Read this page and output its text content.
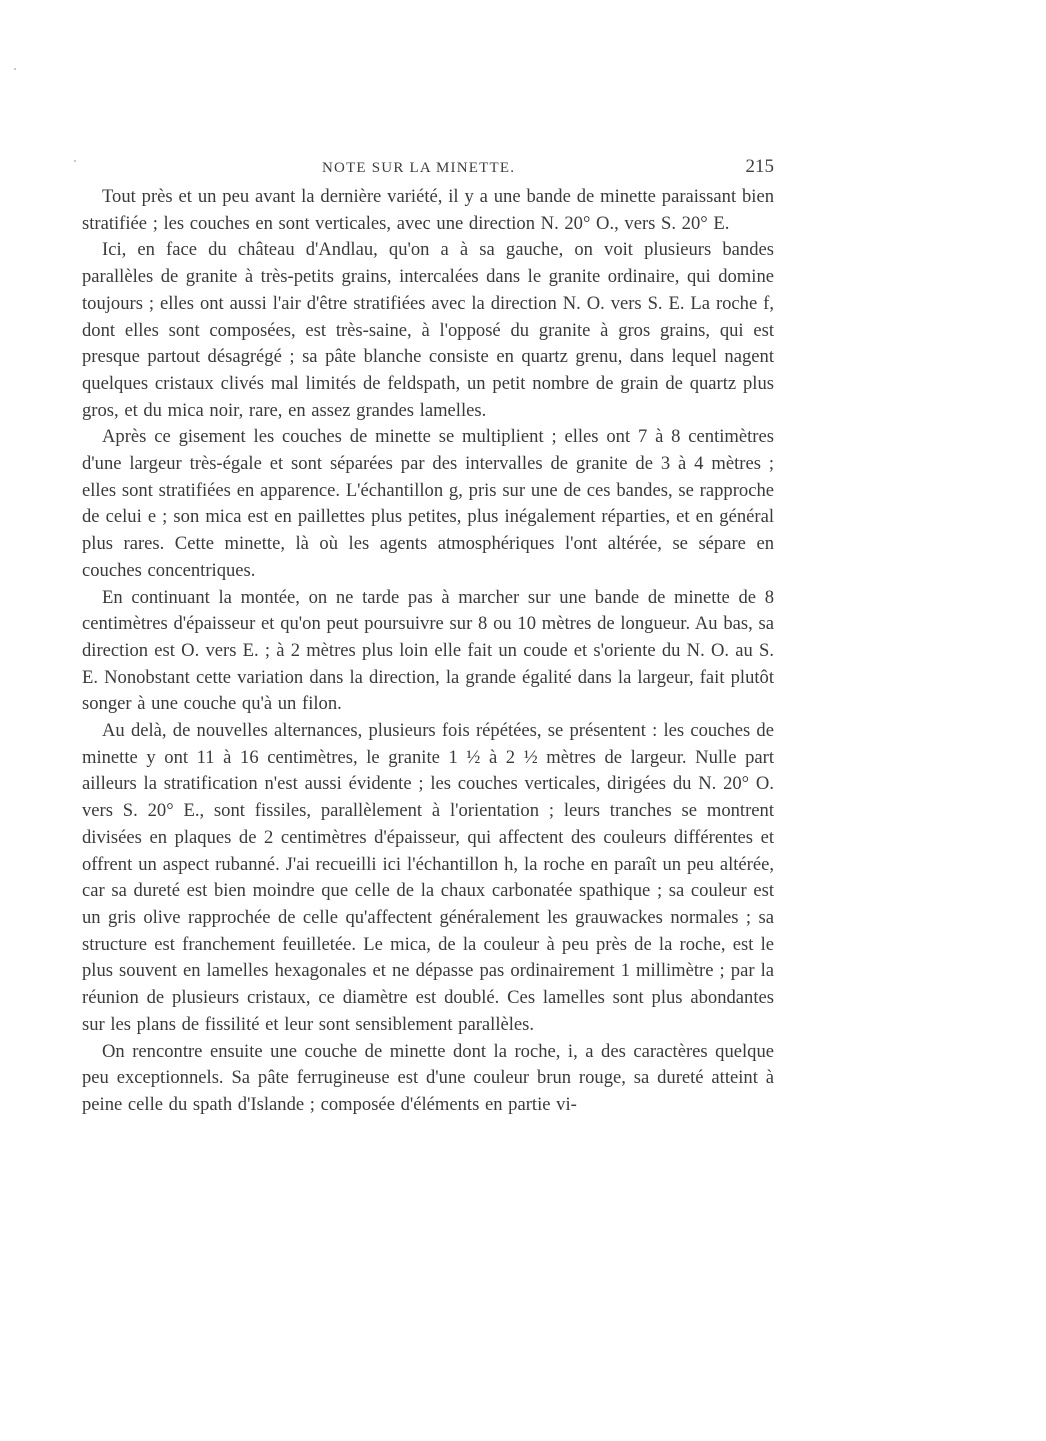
NOTE SUR LA MINETTE.	215

Tout près et un peu avant la dernière variété, il y a une bande de minette paraissant bien stratifiée ; les couches en sont verticales, avec une direction N. 20° O., vers S. 20° E.

Ici, en face du château d'Andlau, qu'on a à sa gauche, on voit plusieurs bandes parallèles de granite à très-petits grains, intercalées dans le granite ordinaire, qui domine toujours ; elles ont aussi l'air d'être stratifiées avec la direction N. O. vers S. E. La roche f, dont elles sont composées, est très-saine, à l'opposé du granite à gros grains, qui est presque partout désagrégé ; sa pâte blanche consiste en quartz grenu, dans lequel nagent quelques cristaux clivés mal limités de feldspath, un petit nombre de grain de quartz plus gros, et du mica noir, rare, en assez grandes lamelles.

Après ce gisement les couches de minette se multiplient ; elles ont 7 à 8 centimètres d'une largeur très-égale et sont séparées par des intervalles de granite de 3 à 4 mètres ; elles sont stratifiées en apparence. L'échantillon g, pris sur une de ces bandes, se rapproche de celui e ; son mica est en paillettes plus petites, plus inégalement réparties, et en général plus rares. Cette minette, là où les agents atmosphériques l'ont altérée, se sépare en couches concentriques.

En continuant la montée, on ne tarde pas à marcher sur une bande de minette de 8 centimètres d'épaisseur et qu'on peut poursuivre sur 8 ou 10 mètres de longueur. Au bas, sa direction est O. vers E. ; à 2 mètres plus loin elle fait un coude et s'oriente du N. O. au S. E. Nonobstant cette variation dans la direction, la grande égalité dans la largeur, fait plutôt songer à une couche qu'à un filon.

Au delà, de nouvelles alternances, plusieurs fois répétées, se présentent : les couches de minette y ont 11 à 16 centimètres, le granite 1 ½ à 2 ½ mètres de largeur. Nulle part ailleurs la stratification n'est aussi évidente ; les couches verticales, dirigées du N. 20° O. vers S. 20° E., sont fissiles, parallèlement à l'orientation ; leurs tranches se montrent divisées en plaques de 2 centimètres d'épaisseur, qui affectent des couleurs différentes et offrent un aspect rubanné. J'ai recueilli ici l'échantillon h, la roche en paraît un peu altérée, car sa dureté est bien moindre que celle de la chaux carbonatée spathique ; sa couleur est un gris olive rapprochée de celle qu'affectent généralement les grauwackes normales ; sa structure est franchement feuilletée. Le mica, de la couleur à peu près de la roche, est le plus souvent en lamelles hexagonales et ne dépasse pas ordinairement 1 millimètre ; par la réunion de plusieurs cristaux, ce diamètre est doublé. Ces lamelles sont plus abondantes sur les plans de fissilité et leur sont sensiblement parallèles.

On rencontre ensuite une couche de minette dont la roche, i, a des caractères quelque peu exceptionnels. Sa pâte ferrugineuse est d'une couleur brun rouge, sa dureté atteint à peine celle du spath d'Islande ; composée d'éléments en partie vi-
